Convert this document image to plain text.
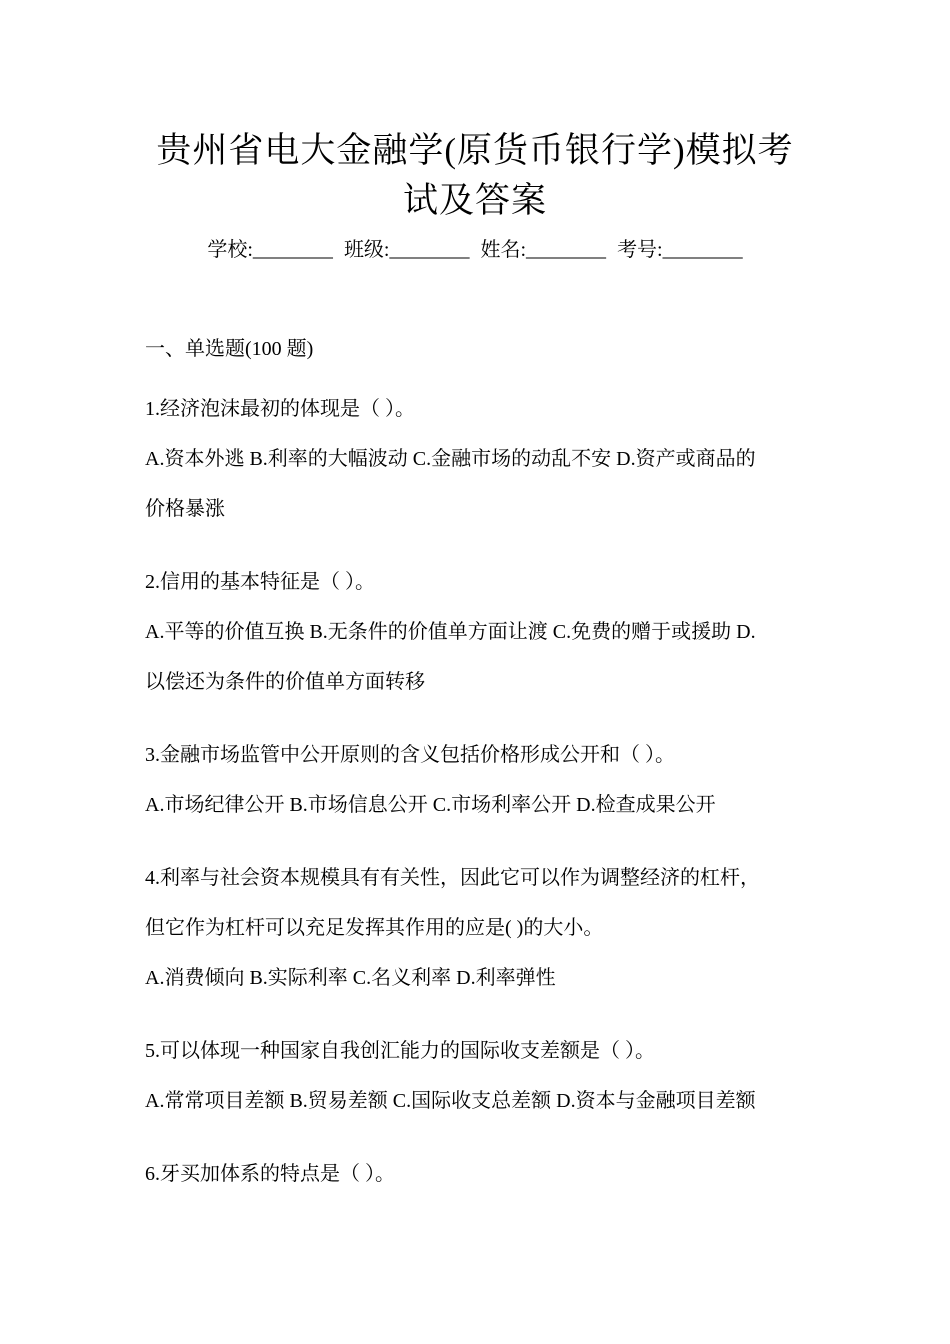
贵州省电大金融学(原货币银行学)模拟考
试及答案
学校:________ 班级:________ 姓名:________ 考号:________
一、单选题(100 题)
1.经济泡沫最初的体现是（ ）。
A.资本外逃 B.利率的大幅波动 C.金融市场的动乱不安 D.资产或商品的
价格暴涨
2.信用的基本特征是（ ）。
A.平等的价值互换 B.无条件的价值单方面让渡 C.免费的赠于或援助 D.
以偿还为条件的价值单方面转移
3.金融市场监管中公开原则的含义包括价格形成公开和（ ）。
A.市场纪律公开 B.市场信息公开 C.市场利率公开 D.检查成果公开
4.利率与社会资本规模具有有关性，因此它可以作为调整经济的杠杆，
但它作为杠杆可以充足发挥其作用的应是( )的大小。
A.消费倾向 B.实际利率 C.名义利率 D.利率弹性
5.可以体现一种国家自我创汇能力的国际收支差额是（ ）。
A.常常项目差额 B.贸易差额 C.国际收支总差额 D.资本与金融项目差额
6.牙买加体系的特点是（ ）。
